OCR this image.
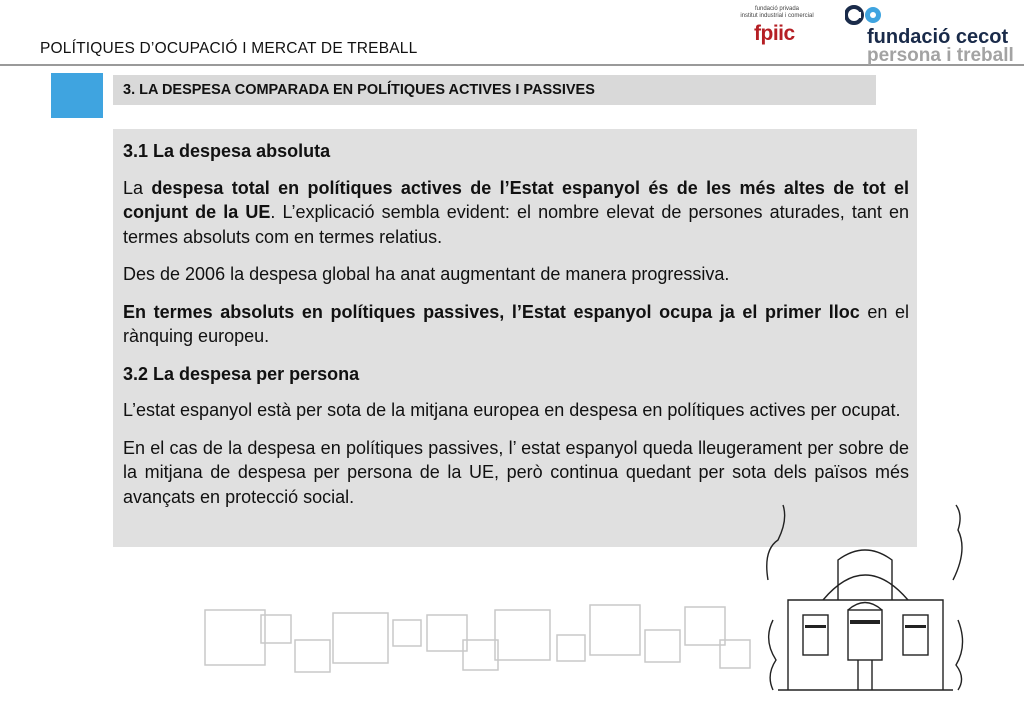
POLÍTIQUES D’OCUPACIÓ I MERCAT DE TREBALL
fundació privada
institut industrial i comercial
fpiic	fundació cecot
persona i treball
3. LA DESPESA COMPARADA EN POLÍTIQUES ACTIVES I PASSIVES
3.1 La despesa absoluta

La despesa total en polítiques actives de l’Estat espanyol és de les més altes de tot el conjunt de la UE. L’explicació sembla evident: el nombre elevat de persones aturades, tant en termes absoluts com en termes relatius.

Des de 2006 la despesa global ha anat augmentant de manera progressiva.

En termes absoluts en polítiques passives, l’Estat espanyol ocupa ja el primer lloc en el rànquing europeu.

3.2 La despesa per persona

L’estat espanyol està per sota de la mitjana europea en despesa en polítiques actives per ocupat.

En el cas de la despesa en polítiques passives, l’ estat espanyol queda lleugerament per sobre de la mitjana de despesa per persona de la UE, però continua quedant per sota dels països més avançats en protecció social.
